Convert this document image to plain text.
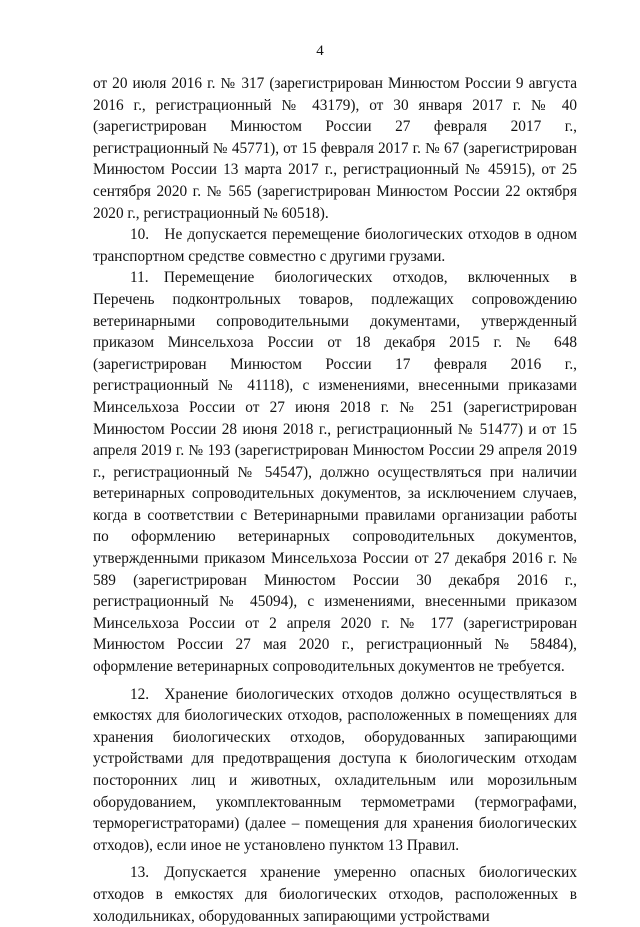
4

от 20 июля 2016 г. № 317 (зарегистрирован Минюстом России 9 августа 2016 г., регистрационный № 43179), от 30 января 2017 г. № 40 (зарегистрирован Минюстом России 27 февраля 2017 г., регистрационный № 45771), от 15 февраля 2017 г. № 67 (зарегистрирован Минюстом России 13 марта 2017 г., регистрационный № 45915), от 25 сентября 2020 г. № 565 (зарегистрирован Минюстом России 22 октября 2020 г., регистрационный № 60518).

10. Не допускается перемещение биологических отходов в одном транспортном средстве совместно с другими грузами.

11. Перемещение биологических отходов, включенных в Перечень подконтрольных товаров, подлежащих сопровождению ветеринарными сопроводительными документами, утвержденный приказом Минсельхоза России от 18 декабря 2015 г. № 648 (зарегистрирован Минюстом России 17 февраля 2016 г., регистрационный № 41118), с изменениями, внесенными приказами Минсельхоза России от 27 июня 2018 г. № 251 (зарегистрирован Минюстом России 28 июня 2018 г., регистрационный № 51477) и от 15 апреля 2019 г. № 193 (зарегистрирован Минюстом России 29 апреля 2019 г., регистрационный № 54547), должно осуществляться при наличии ветеринарных сопроводительных документов, за исключением случаев, когда в соответствии с Ветеринарными правилами организации работы по оформлению ветеринарных сопроводительных документов, утвержденными приказом Минсельхоза России от 27 декабря 2016 г. № 589 (зарегистрирован Минюстом России 30 декабря 2016 г., регистрационный № 45094), с изменениями, внесенными приказом Минсельхоза России от 2 апреля 2020 г. № 177 (зарегистрирован Минюстом России 27 мая 2020 г., регистрационный № 58484), оформление ветеринарных сопроводительных документов не требуется.

12. Хранение биологических отходов должно осуществляться в емкостях для биологических отходов, расположенных в помещениях для хранения биологических отходов, оборудованных запирающими устройствами для предотвращения доступа к биологическим отходам посторонних лиц и животных, охладительным или морозильным оборудованием, укомплектованным термометрами (термографами, терморегистраторами) (далее – помещения для хранения биологических отходов), если иное не установлено пунктом 13 Правил.

13. Допускается хранение умеренно опасных биологических отходов в емкостях для биологических отходов, расположенных в холодильниках, оборудованных запирающими устройствами
